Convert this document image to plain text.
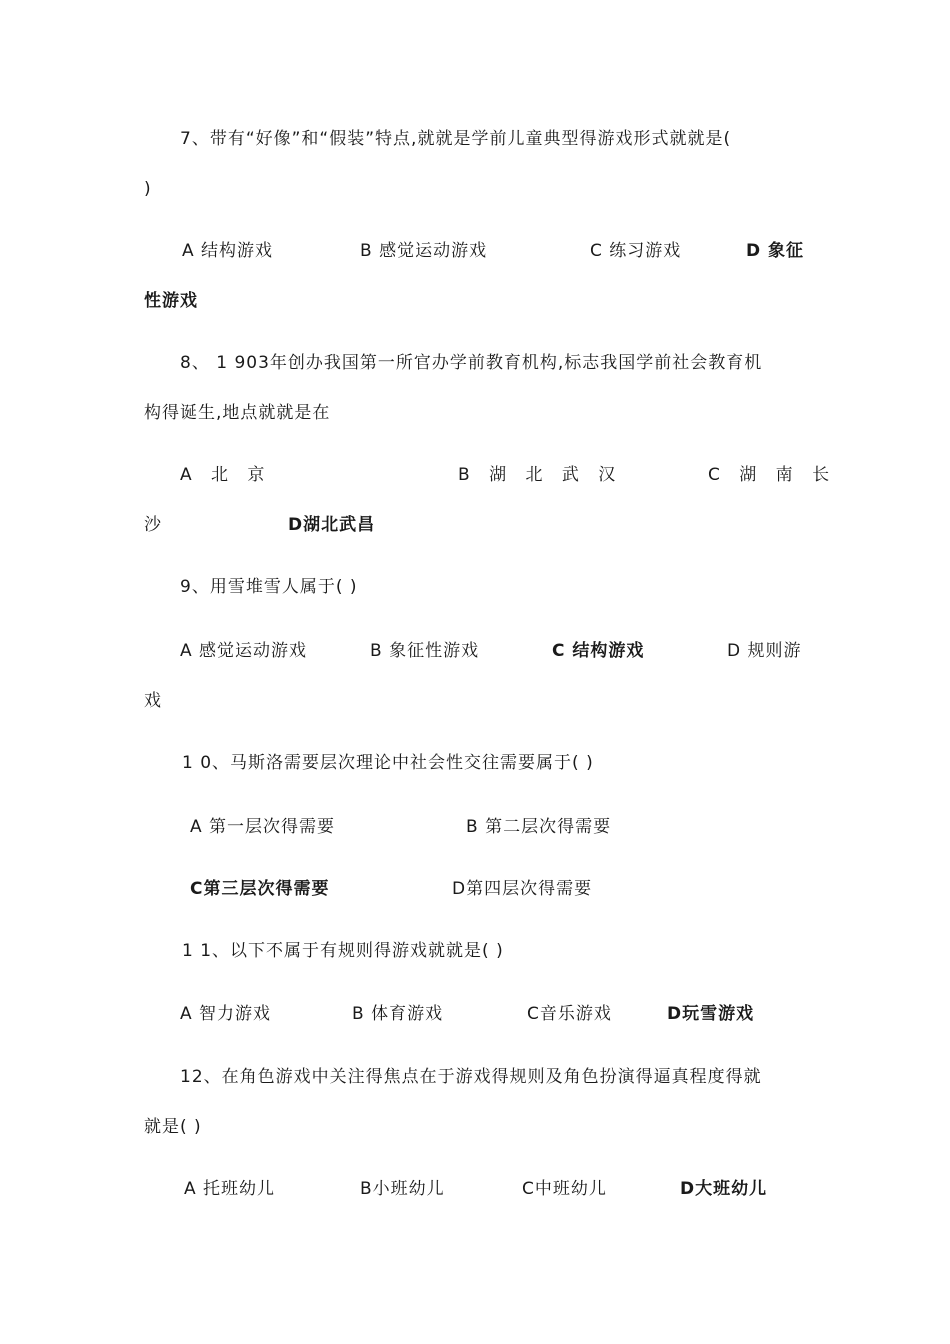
7、带有“好像”和“假装”特点,就就是学前儿童典型得游戏形式就就是(
)
A 结构游戏	B 感觉运动游戏	C 练习游戏	D 象征
性游戏
8、 1 903年创办我国第一所官办学前教育机构,标志我国学前社会教育机
构得诞生,地点就就是在
A 北 京	B 湖 北 武 汉	C 湖 南 长
沙	D湖北武昌
9、用雪堆雪人属于( )
A 感觉运动游戏	B 象征性游戏	C 结构游戏	D 规则游
戏
1 0、马斯洛需要层次理论中社会性交往需要属于( )
A 第一层次得需要	B 第二层次得需要
C第三层次得需要	D第四层次得需要
1 1、以下不属于有规则得游戏就就是( )
A 智力游戏	B 体育游戏	C音乐游戏	D玩雪游戏
12、在角色游戏中关注得焦点在于游戏得规则及角色扮演得逼真程度得就
就是( )
A 托班幼儿	B小班幼儿	C中班幼儿	D大班幼儿
